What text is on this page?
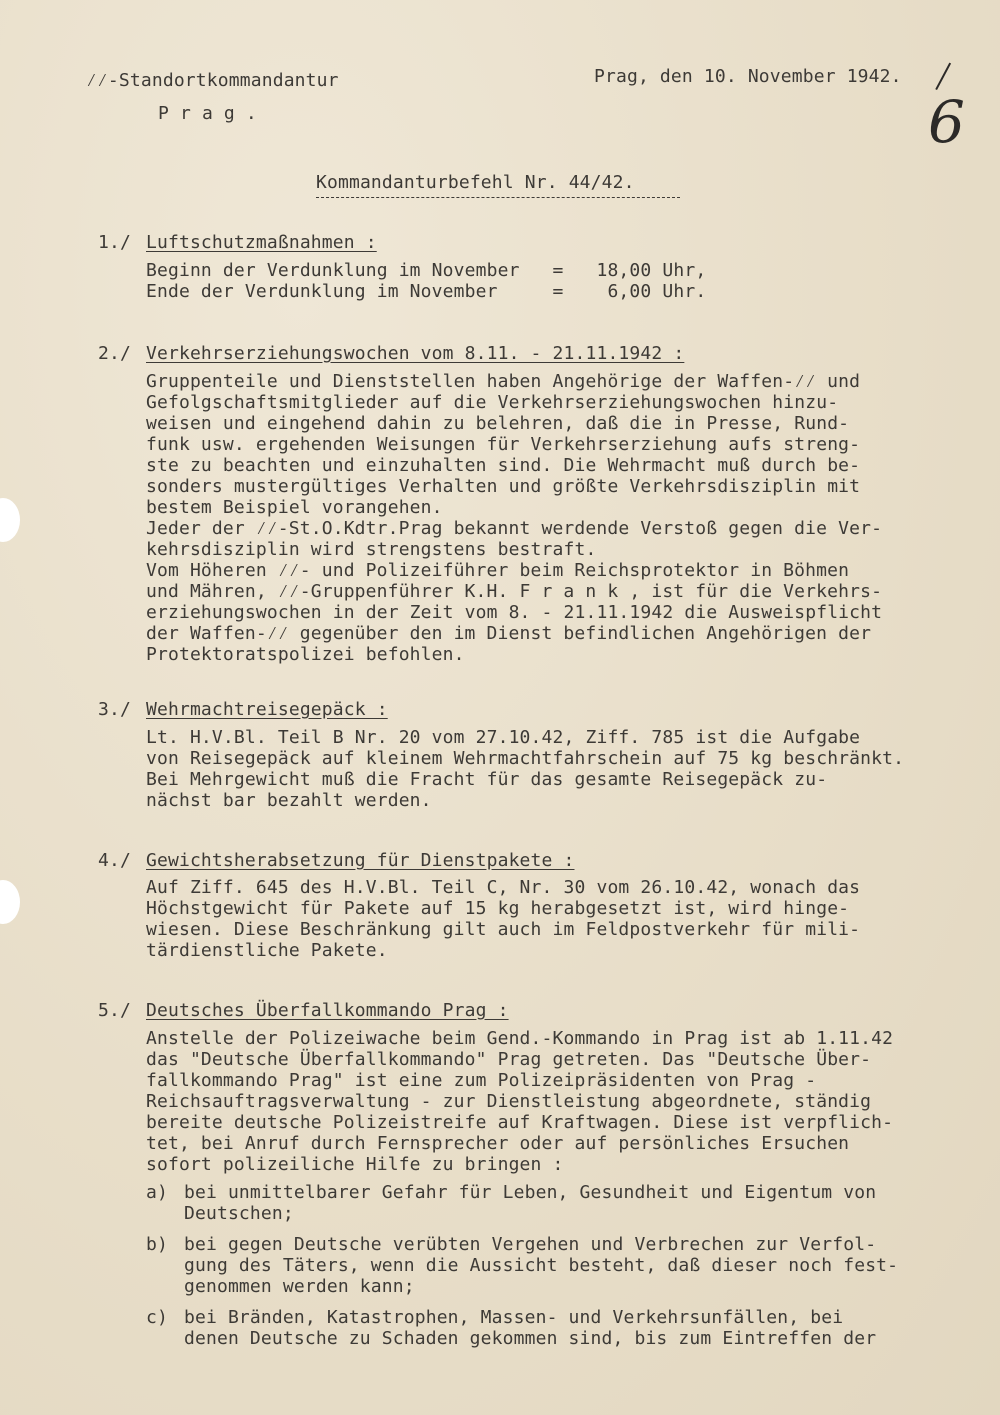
⁄⁄-Standortkommandantur
P r a g .
Prag, den 10. November 1942.
6
Kommandanturbefehl Nr. 44/42.
1./ Luftschutzmaßnahmen :
Beginn der Verdunklung im November   =   18,00 Uhr,
Ende der Verdunklung im November     =    6,00 Uhr.
2./ Verkehrserziehungswochen vom 8.11. - 21.11.1942 :
Gruppenteile und Dienststellen haben Angehörige der Waffen-⁄⁄ und
Gefolgschaftsmitglieder auf die Verkehrserziehungswochen hinzu-
weisen und eingehend dahin zu belehren, daß die in Presse, Rund-
funk usw. ergehenden Weisungen für Verkehrserziehung aufs streng-
ste zu beachten und einzuhalten sind. Die Wehrmacht muß durch be-
sonders mustergültiges Verhalten und größte Verkehrsdisziplin mit
bestem Beispiel vorangehen.
Jeder der ⁄⁄-St.O.Kdtr.Prag bekannt werdende Verstoß gegen die Ver-
kehrsdisziplin wird strengstens bestraft.
Vom Höheren ⁄⁄- und Polizeiführer beim Reichsprotektor in Böhmen
und Mähren, ⁄⁄-Gruppenführer K.H. F r a n k , ist für die Verkehrs-
erziehungswochen in der Zeit vom 8. - 21.11.1942 die Ausweispflicht
der Waffen-⁄⁄ gegenüber den im Dienst befindlichen Angehörigen der
Protektoratspolizei befohlen.
3./ Wehrmachtreisegepäck :
Lt. H.V.Bl. Teil B Nr. 20 vom 27.10.42, Ziff. 785 ist die Aufgabe
von Reisegepäck auf kleinem Wehrmachtfahrschein auf 75 kg beschränkt.
Bei Mehrgewicht muß die Fracht für das gesamte Reisegepäck zu-
nächst bar bezahlt werden.
4./ Gewichtsherabsetzung für Dienstpakete :
Auf Ziff. 645 des H.V.Bl. Teil C, Nr. 30 vom 26.10.42, wonach das
Höchstgewicht für Pakete auf 15 kg herabgesetzt ist, wird hinge-
wiesen. Diese Beschränkung gilt auch im Feldpostverkehr für mili-
tärdienstliche Pakete.
5./ Deutsches Überfallkommando Prag :
Anstelle der Polizeiwache beim Gend.-Kommando in Prag ist ab 1.11.42
das "Deutsche Überfallkommando" Prag getreten. Das "Deutsche Über-
fallkommando Prag" ist eine zum Polizeipräsidenten von Prag -
Reichsauftragsverwaltung - zur Dienstleistung abgeordnete, ständig
bereite deutsche Polizeistreife auf Kraftwagen. Diese ist verpflich-
tet, bei Anruf durch Fernsprecher oder auf persönliches Ersuchen
sofort polizeiliche Hilfe zu bringen :
a) bei unmittelbarer Gefahr für Leben, Gesundheit und Eigentum von
Deutschen;
b) bei gegen Deutsche verübten Vergehen und Verbrechen zur Verfol-
gung des Täters, wenn die Aussicht besteht, daß dieser noch fest-
genommen werden kann;
c) bei Bränden, Katastrophen, Massen- und Verkehrsunfällen, bei
denen Deutsche zu Schaden gekommen sind, bis zum Eintreffen der
